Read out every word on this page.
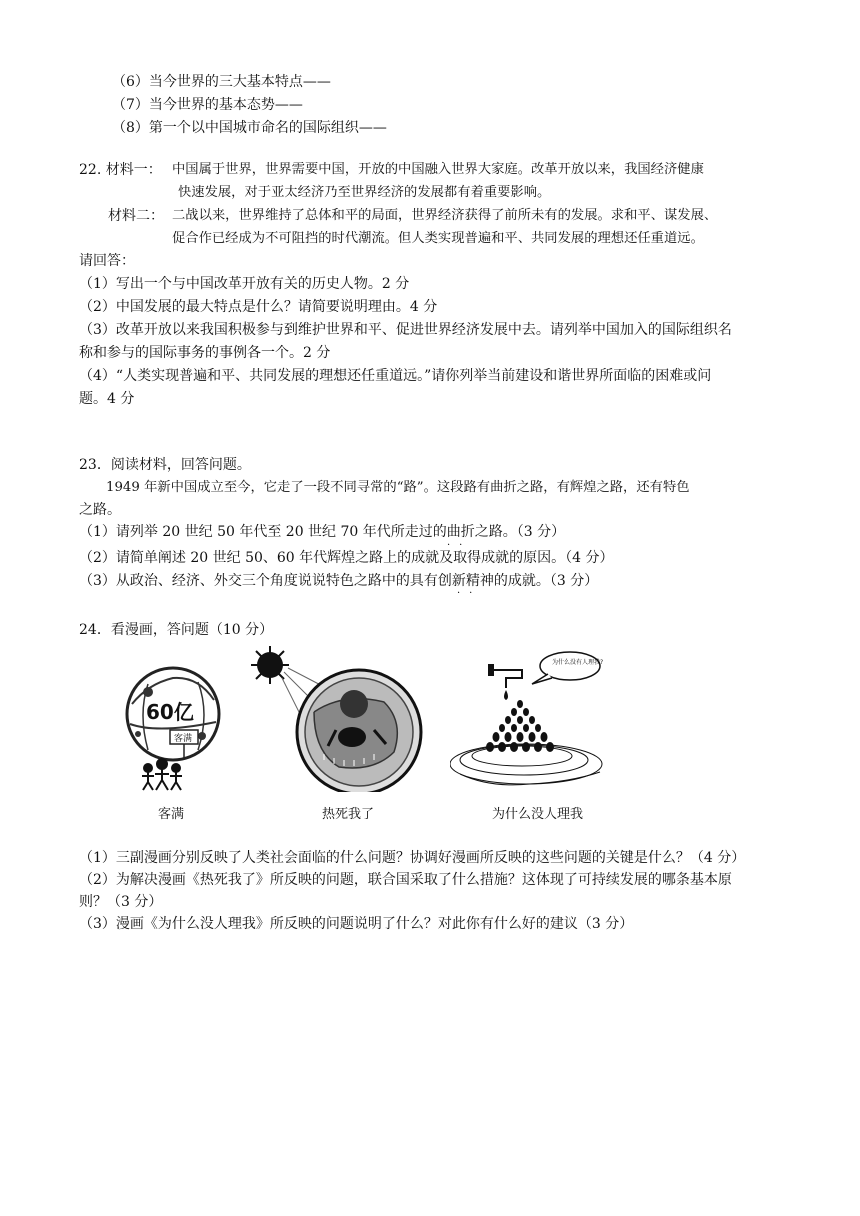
（6）当今世界的三大基本特点——
（7）当今世界的基本态势——
（8）第一个以中国城市命名的国际组织——
22. 材料一： 中国属于世界，世界需要中国，开放的中国融入世界大家庭。改革开放以来，我国经济健康
快速发展，对于亚太经济乃至世界经济的发展都有着重要影响。
材料二： 二战以来，世界维持了总体和平的局面，世界经济获得了前所未有的发展。求和平、谋发展、
促合作已经成为不可阻挡的时代潮流。但人类实现普遍和平、共同发展的理想还任重道远。
请回答：
（1）写出一个与中国改革开放有关的历史人物。2 分
（2）中国发展的最大特点是什么？请简要说明理由。4 分
（3）改革开放以来我国积极参与到维护世界和平、促进世界经济发展中去。请列举中国加入的国际组织名
称和参与的国际事务的事例各一个。2 分
（4）“人类实现普遍和平、共同发展的理想还任重道远。”请你列举当前建设和谐世界所面临的困难或问
题。4 分
23．阅读材料，回答问题。
1949 年新中国成立至今，它走了一段不同寻常的“路”。这段路有曲折之路，有辉煌之路，还有特色
之路。
（1）请列举 20 世纪 50 年代至 20 世纪 70 年代所走过的曲折之路。（3 分）
（2）请简单阐述 20 世纪 50、60 年代辉煌之路上的成就及取得成就的原因。（4 分）
（3）从政治、经济、外交三个角度说说特色之路中的具有创新精神的成就。（3 分）
··
··
24．看漫画，答问题（10 分）
60亿
客满
客满	热死我了
为什么没有人理我?
为什么没人理我
（1）三副漫画分别反映了人类社会面临的什么问题？协调好漫画所反映的这些问题的关键是什么？（4 分）
（2）为解决漫画《热死我了》所反映的问题，联合国采取了什么措施？这体现了可持续发展的哪条基本原
则？（3 分）
（3）漫画《为什么没人理我》所反映的问题说明了什么？对此你有什么好的建议（3 分）
